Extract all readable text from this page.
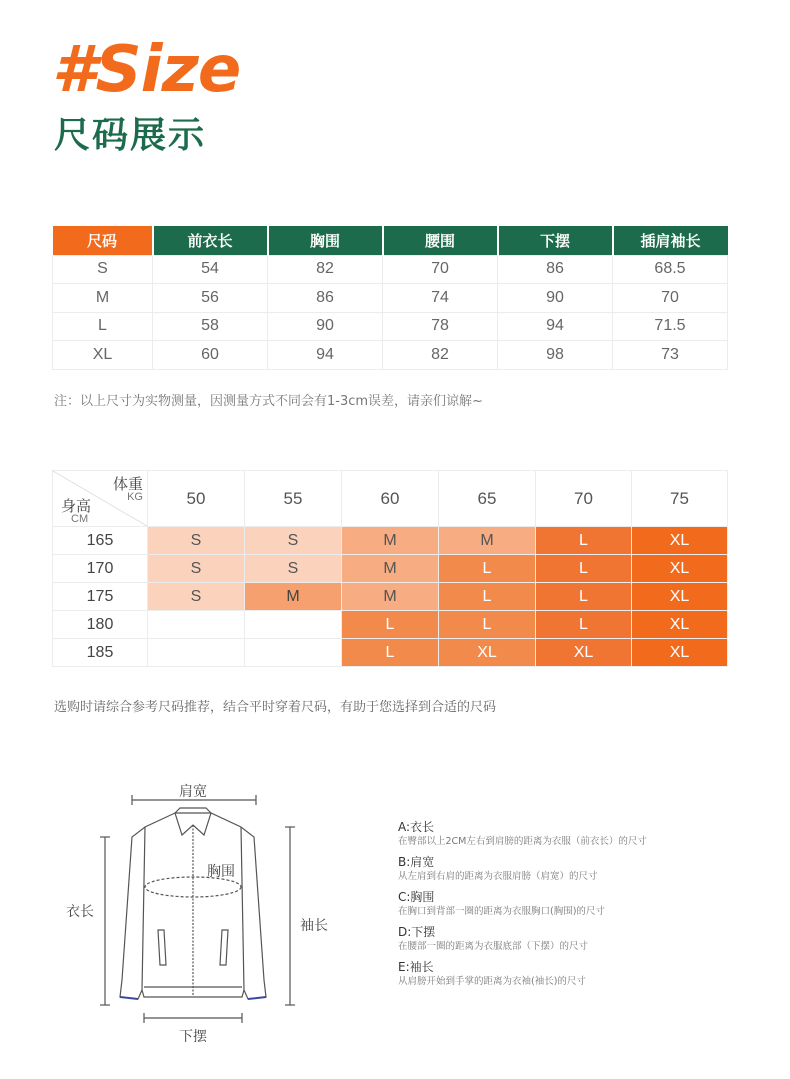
#Size
尺码展示
尺码	前衣长	胸围	腰围	下摆	插肩袖长
S	54	82	70	86	68.5
M	56	86	74	90	70
L	58	90	78	94	71.5
XL	60	94	82	98	73
注：以上尺寸为实物测量，因测量方式不同会有1-3cm误差，请亲们谅解~
体重
KG
身高
CM	50	55	60	65	70	75
165	S	S	M	M	L	XL
170	S	S	M	L	L	XL
175	S	M	M	L	L	XL
180			L	L	L	XL
185			L	XL	XL	XL
选购时请综合参考尺码推荐，结合平时穿着尺码，有助于您选择到合适的尺码
肩宽
胸围
衣长
袖长
下摆
A:衣长
在臀部以上2CM左右到肩膀的距离为衣服（前衣长）的尺寸
B:肩宽
从左肩到右肩的距离为衣服肩膀（肩宽）的尺寸
C:胸围
在胸口到背部一圈的距离为衣服胸口(胸围)的尺寸
D:下摆
在腰部一圈的距离为衣服底部（下摆）的尺寸
E:袖长
从肩膀开始到手掌的距离为衣袖(袖长)的尺寸
